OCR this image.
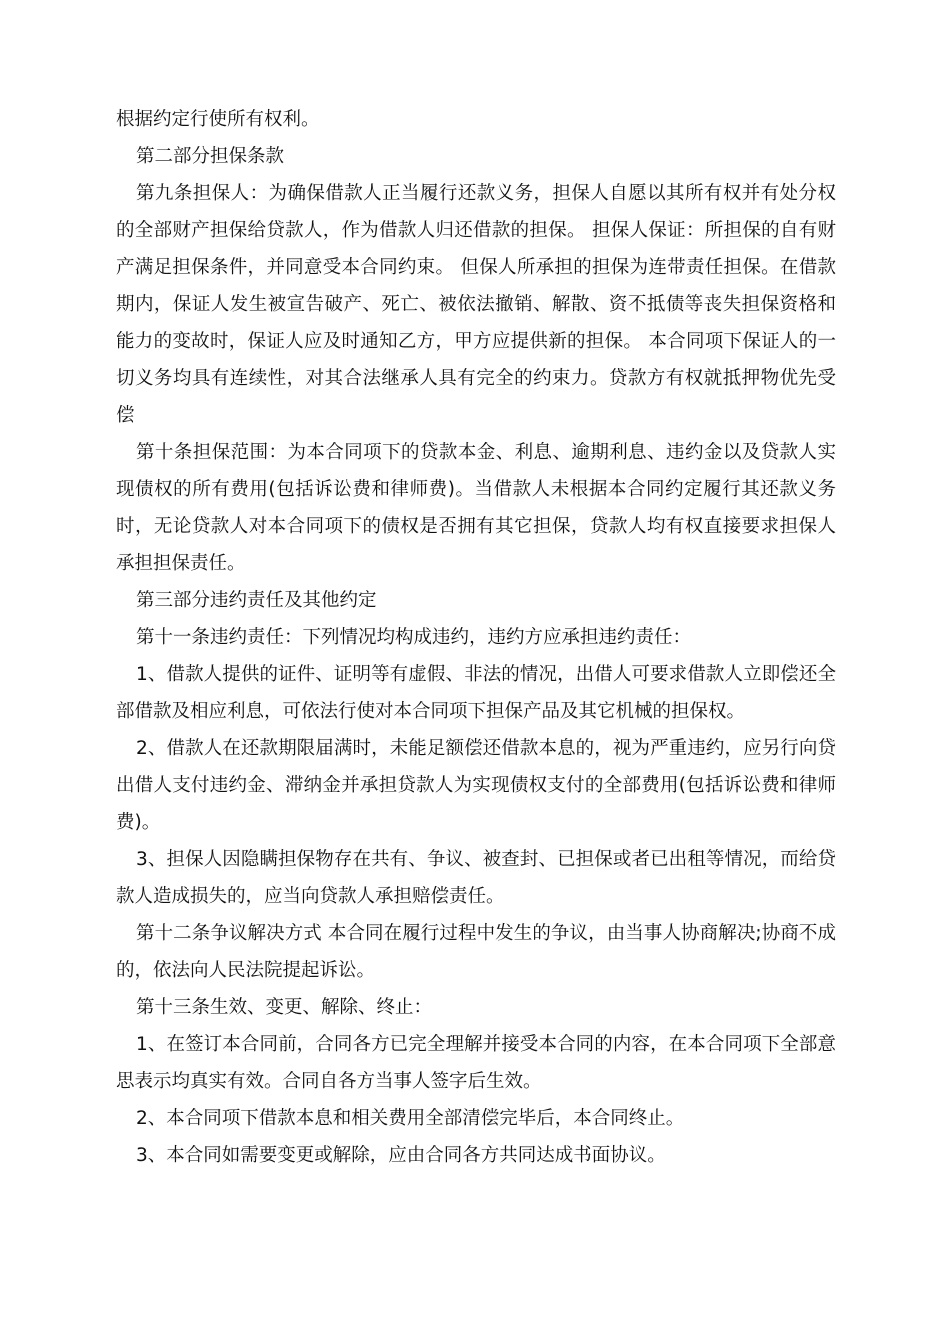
根据约定行使所有权利。

第二部分担保条款

第九条担保人：为确保借款人正当履行还款义务，担保人自愿以其所有权并有处分权的全部财产担保给贷款人，作为借款人归还借款的担保。 担保人保证：所担保的自有财产满足担保条件，并同意受本合同约束。 但保人所承担的担保为连带责任担保。在借款期内，保证人发生被宣告破产、死亡、被依法撤销、解散、资不抵债等丧失担保资格和能力的变故时，保证人应及时通知乙方，甲方应提供新的担保。 本合同项下保证人的一切义务均具有连续性，对其合法继承人具有完全的约束力。贷款方有权就抵押物优先受偿

第十条担保范围：为本合同项下的贷款本金、利息、逾期利息、违约金以及贷款人实现债权的所有费用(包括诉讼费和律师费)。当借款人未根据本合同约定履行其还款义务时，无论贷款人对本合同项下的债权是否拥有其它担保，贷款人均有权直接要求担保人承担担保责任。

第三部分违约责任及其他约定

第十一条违约责任：下列情况均构成违约，违约方应承担违约责任：

1、借款人提供的证件、证明等有虚假、非法的情况，出借人可要求借款人立即偿还全部借款及相应利息，可依法行使对本合同项下担保产品及其它机械的担保权。

2、借款人在还款期限届满时，未能足额偿还借款本息的，视为严重违约，应另行向贷出借人支付违约金、滞纳金并承担贷款人为实现债权支付的全部费用(包括诉讼费和律师费)。

3、担保人因隐瞒担保物存在共有、争议、被查封、已担保或者已出租等情况，而给贷款人造成损失的，应当向贷款人承担赔偿责任。

第十二条争议解决方式 本合同在履行过程中发生的争议，由当事人协商解决;协商不成的，依法向人民法院提起诉讼。

第十三条生效、变更、解除、终止：

1、在签订本合同前，合同各方已完全理解并接受本合同的内容，在本合同项下全部意思表示均真实有效。合同自各方当事人签字后生效。

2、本合同项下借款本息和相关费用全部清偿完毕后，本合同终止。

3、本合同如需要变更或解除，应由合同各方共同达成书面协议。
